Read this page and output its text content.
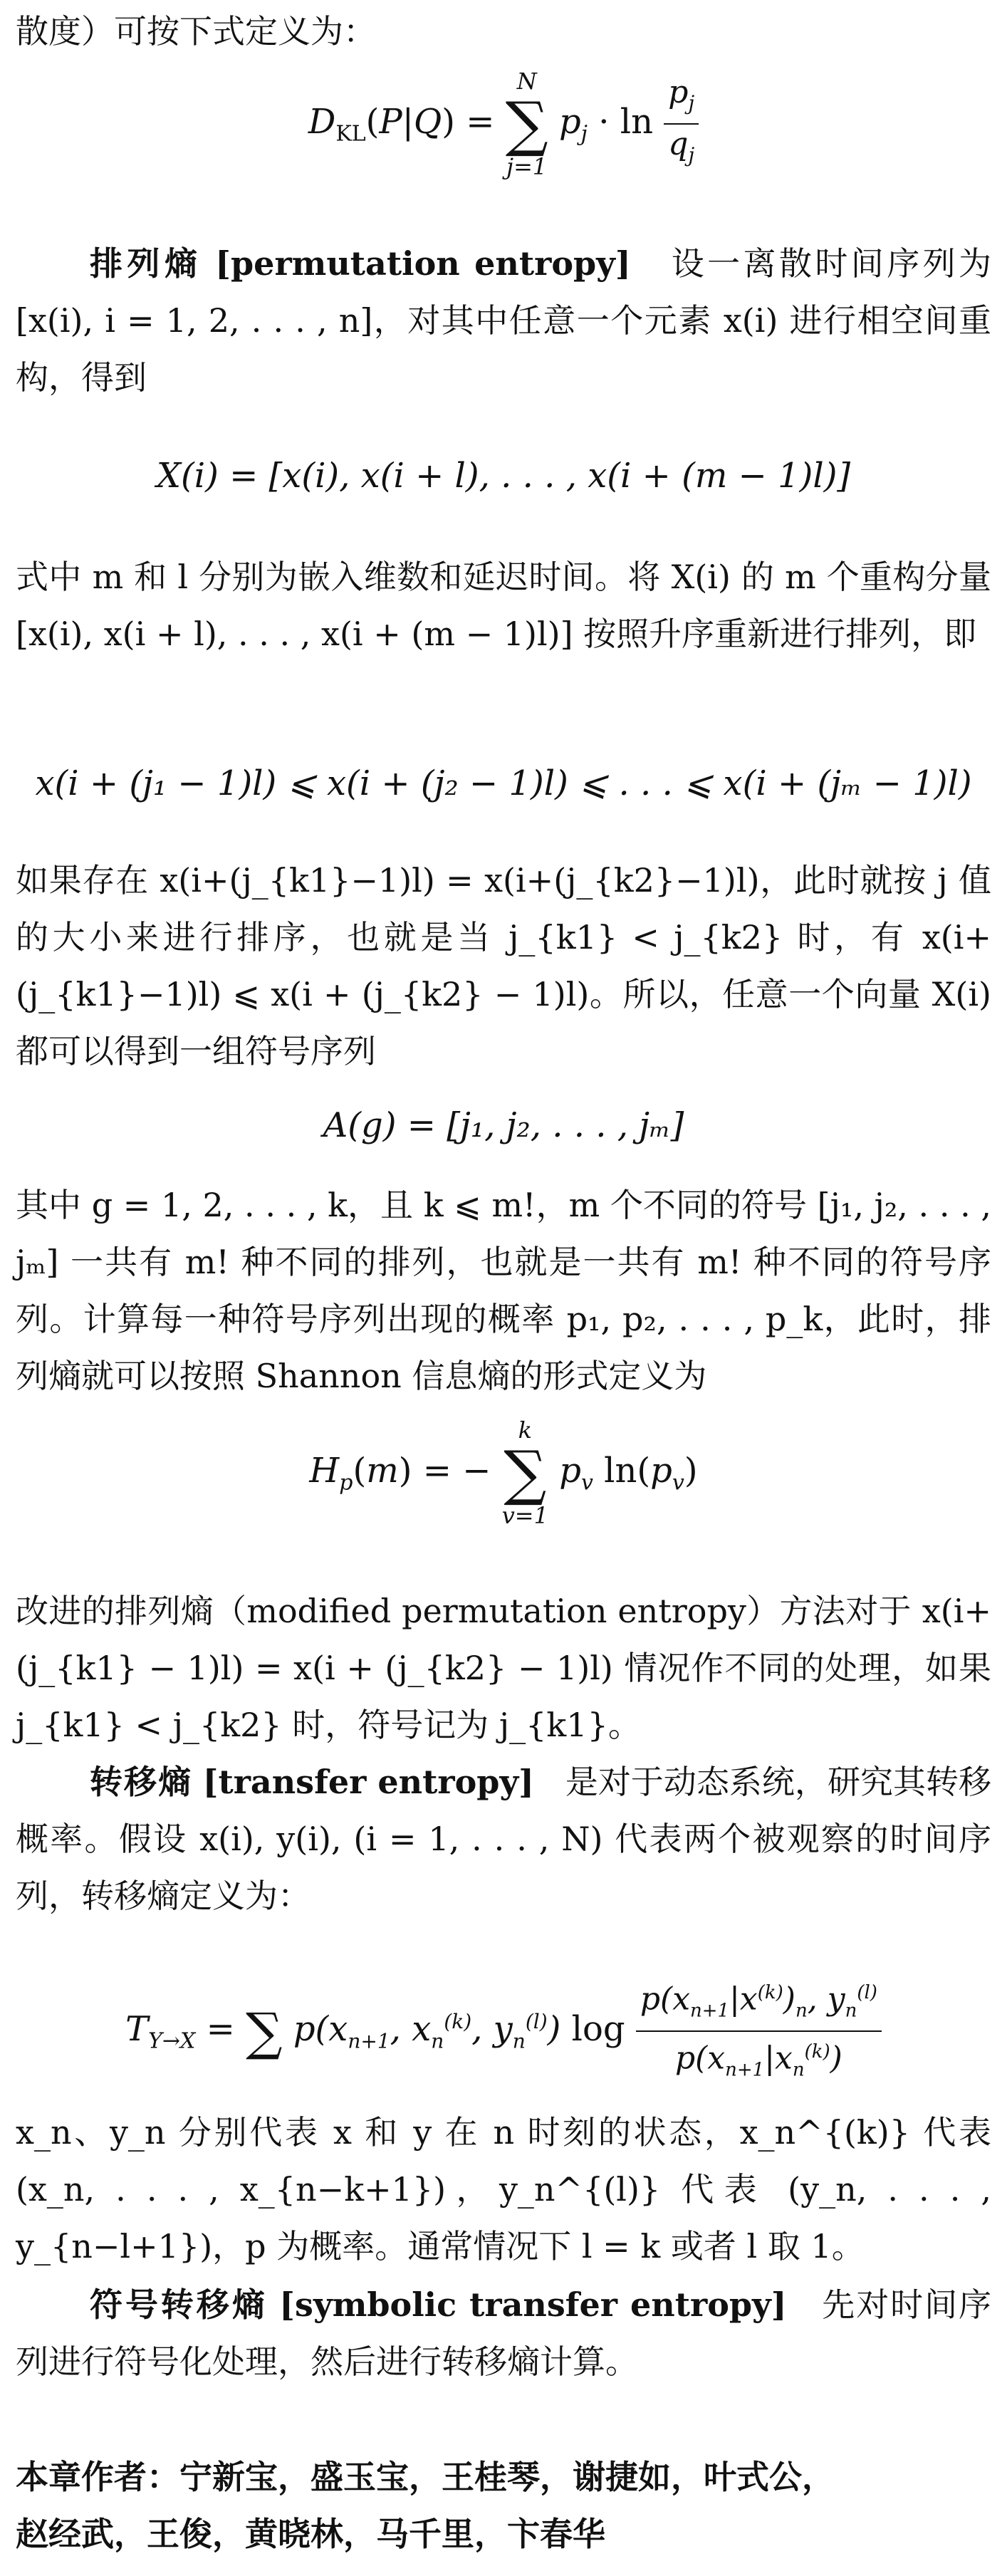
散度）可按下式定义为：
$D_{KL}(P|Q)$ =
N
∑
j=1
$p_j \cdot \ln \frac{p_j}{q_j}$
排列熵 [permutation entropy] 设一离散时间序列为 [x(i), i = 1, 2, . . . , n]，对其中任意一个元素 x(i) 进行相空间重构，得到
X(i) = [x(i), x(i + l), . . . , x(i + (m − 1)l)]
式中 m 和 l 分别为嵌入维数和延迟时间。将 X(i) 的 m 个重构分量 [x(i), x(i + l), . . . , x(i + (m − 1)l)] 按照升序重新进行排列，即
x(i + (j₁ − 1)l) ⩽ x(i + (j₂ − 1)l) ⩽ . . . ⩽ x(i + (jₘ − 1)l)
如果存在 x(i+(j_{k1}−1)l) = x(i+(j_{k2}−1)l)，此时就按 j 值的大小来进行排序，也就是当 j_{k1} < j_{k2} 时，有 x(i+(j_{k1}−1)l) ⩽ x(i + (j_{k2} − 1)l)。所以，任意一个向量 X(i) 都可以得到一组符号序列
A(g) = [j₁, j₂, . . . , jₘ]
其中 g = 1, 2, . . . , k，且 k ⩽ m!，m 个不同的符号 [j₁, j₂, . . . , jₘ] 一共有 m! 种不同的排列，也就是一共有 m! 种不同的符号序列。计算每一种符号序列出现的概率 p₁, p₂, . . . , p_k，此时，排列熵就可以按照 Shannon 信息熵的形式定义为
$H_p(m)$ = −
k
∑
v=1
$p_v$ $\ln(p_v)$
改进的排列熵（modified permutation entropy）方法对于 x(i+(j_{k1} − 1)l) = x(i + (j_{k2} − 1)l) 情况作不同的处理，如果 j_{k1} < j_{k2} 时，符号记为 j_{k1}。
转移熵 [transfer entropy] 是对于动态系统，研究其转移概率。假设 x(i), y(i), (i = 1, . . . , N) 代表两个被观察的时间序列，转移熵定义为：
$T_{Y\to X}$ = ∑ $p(x_{n+1}$, $x_n^{(k)}$, $y_n^{(l)}$) $\log \frac{p(x_{n+1}|x^{(k)})_n, y_n^{(l)}}{p(x_{n+1}|x_n^{(k)})}$
x_n、y_n 分别代表 x 和 y 在 n 时刻的状态，x_n^{(k)} 代表 (x_n, . . . , x_{n−k+1})，y_n^{(l)} 代表 (y_n, . . . , y_{n−l+1})，p 为概率。通常情况下 l = k 或者 l 取 1。
符号转移熵 [symbolic transfer entropy] 先对时间序列进行符号化处理，然后进行转移熵计算。
本章作者：宁新宝，盛玉宝，王桂琴，谢捷如，叶式公，
赵经武，王俊，黄晓林，马千里，卞春华
